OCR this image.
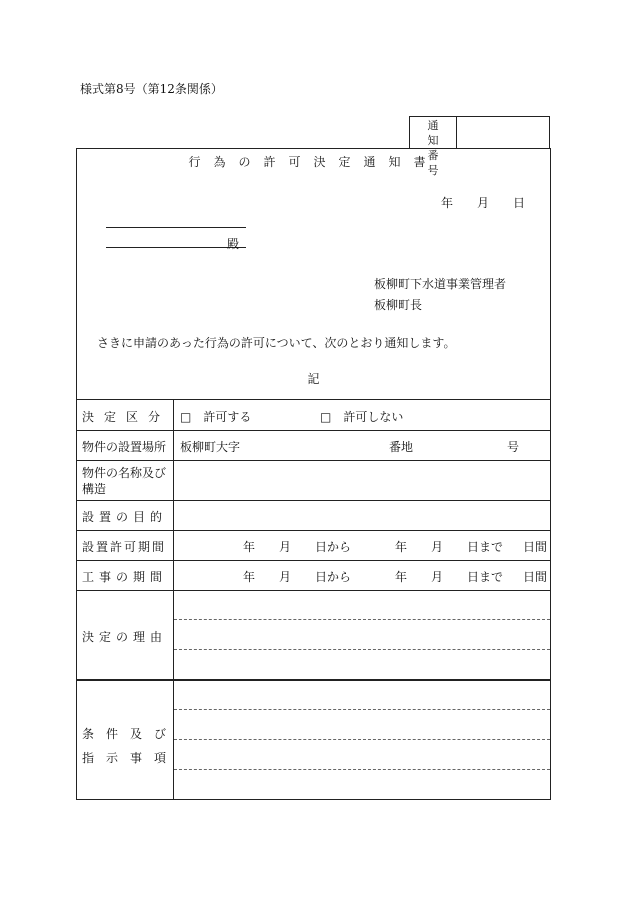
様式第8号（第12条関係）
通知
番号
行為の許可決定通知書
年 月 日
殿
板柳町下水道事業管理者
板柳町長
さきに申請のあった行為の許可について、次のとおり通知します。
記
決定区分 □　許可する	□　許可しない
物件の設置場所 板柳町大字	番地	号
物件の名称及び
構造
設置の目的
設置許可期間	年　　月　　日から	年　　月　　日まで 日間
工事の期間	年　　月　　日から	年　　月　　日まで 日間
決定の理由
条件及び
指示事項
